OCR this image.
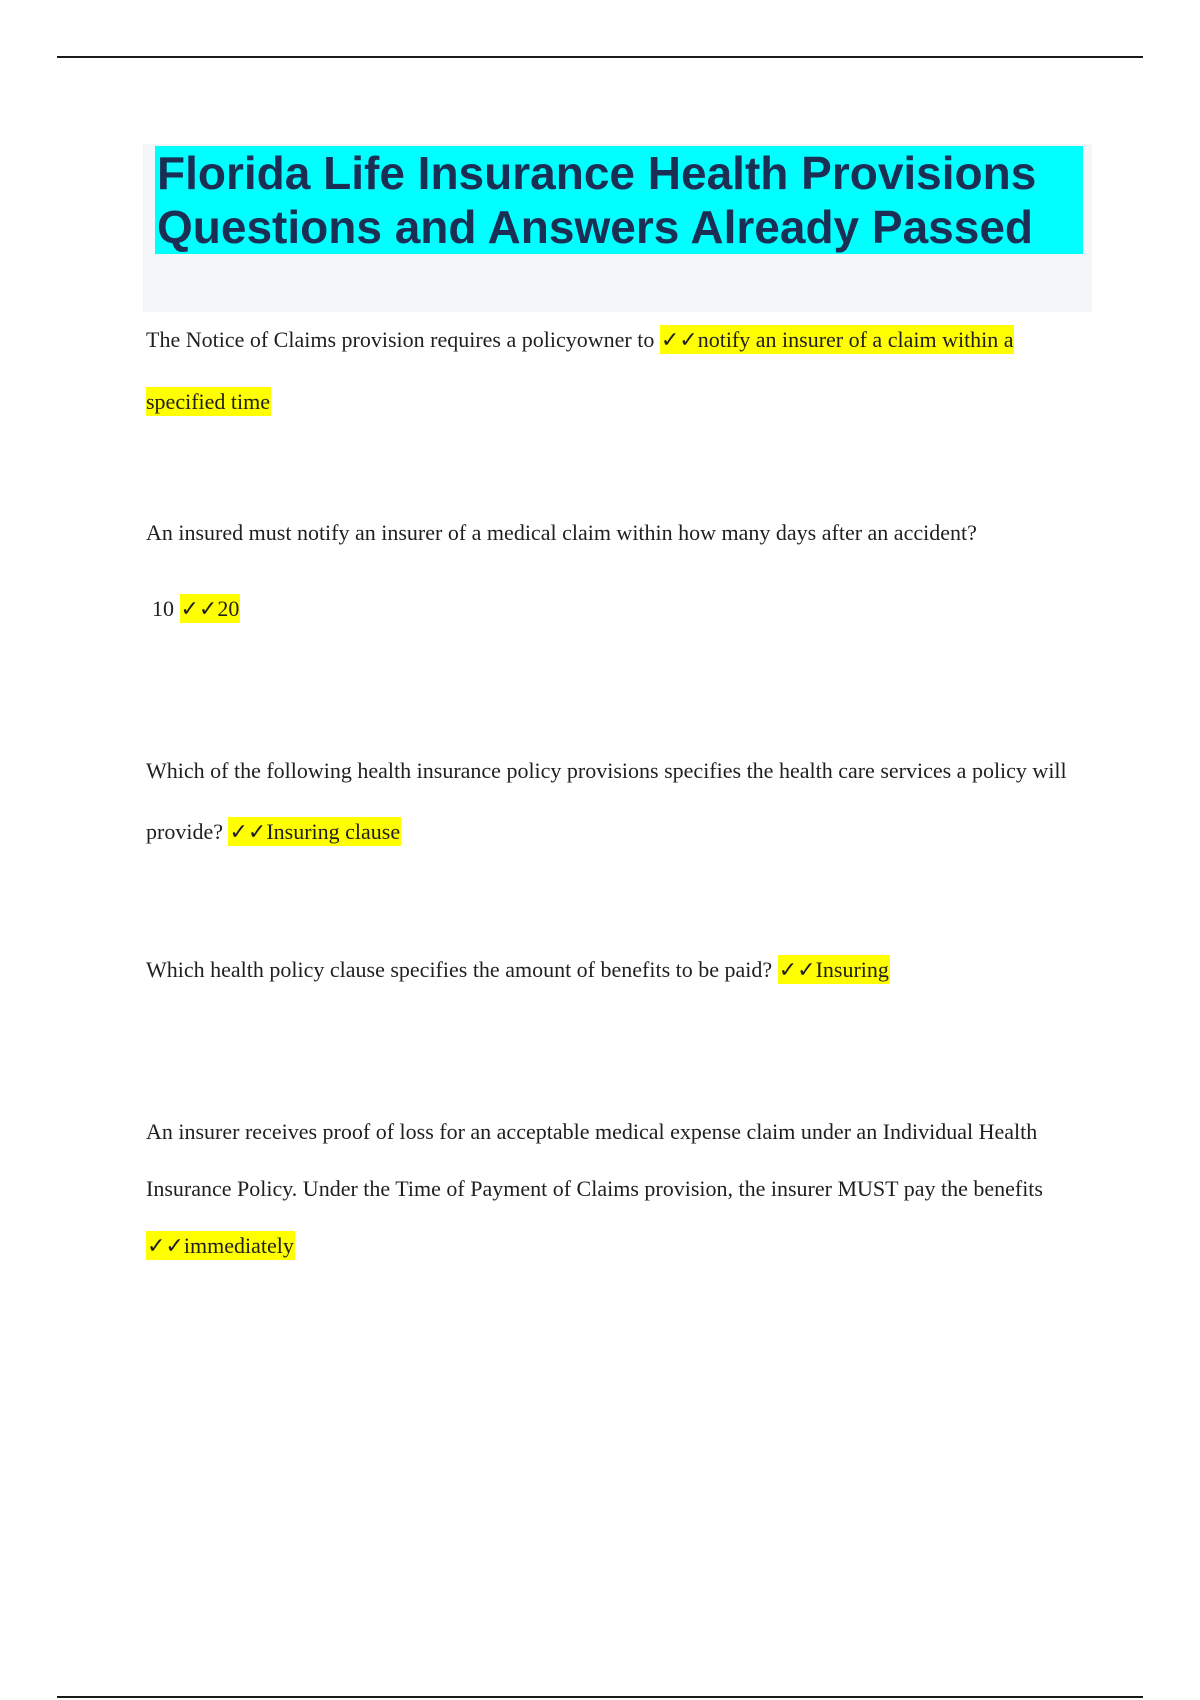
Florida Life Insurance Health Provisions
Questions and Answers Already Passed

The Notice of Claims provision requires a policyowner to ✓✓notify an insurer of a claim within a specified time

An insured must notify an insurer of a medical claim within how many days after an accident?
10 ✓✓20

Which of the following health insurance policy provisions specifies the health care services a policy will provide? ✓✓Insuring clause

Which health policy clause specifies the amount of benefits to be paid? ✓✓Insuring

An insurer receives proof of loss for an acceptable medical expense claim under an Individual Health Insurance Policy. Under the Time of Payment of Claims provision, the insurer MUST pay the benefits ✓✓immediately
